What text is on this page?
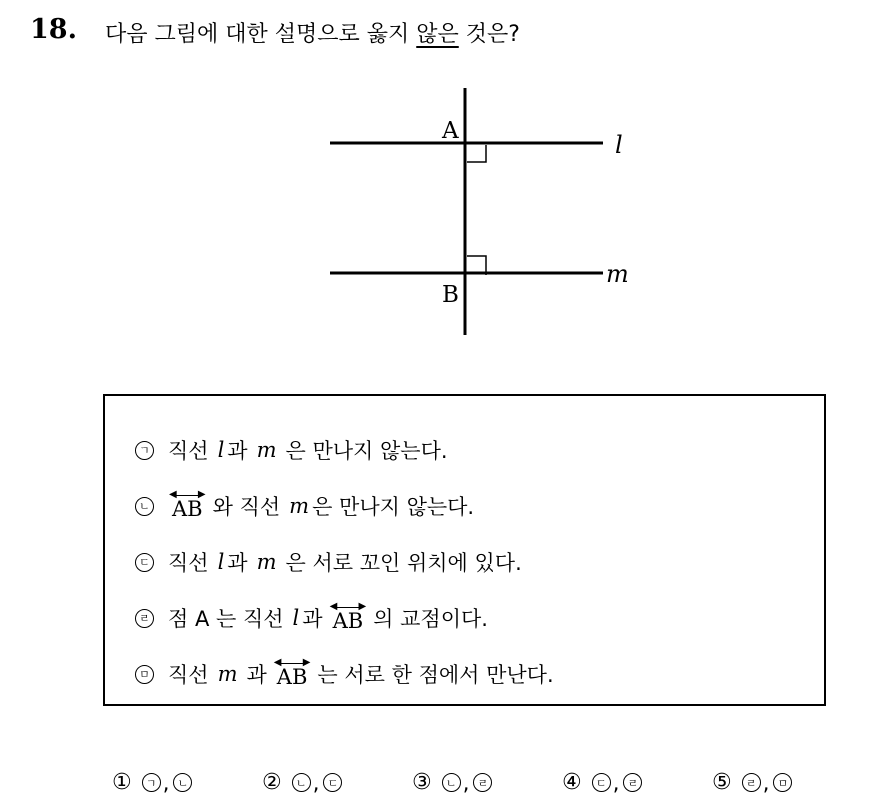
18. 다음 그림에 대한 설명으로 옳지 않은 것은?
A
B
l
m
ㄱ 직선 l 과 m 은 만나지 않는다.
ㄴ
◀ ▶
AB 와 직선 m 은 만나지 않는다.
ㄷ 직선 l 과 m 은 서로 꼬인 위치에 있다.
ㄹ 점 A 는 직선 l 과
◀ ▶
AB 의 교점이다.
ㅁ 직선 m 과
◀ ▶
AB 는 서로 한 점에서 만난다.
①	ㄱ , ㄴ	②	ㄴ , ㄷ	③	ㄴ , ㄹ	④	ㄷ , ㄹ	⑤	ㄹ , ㅁ
